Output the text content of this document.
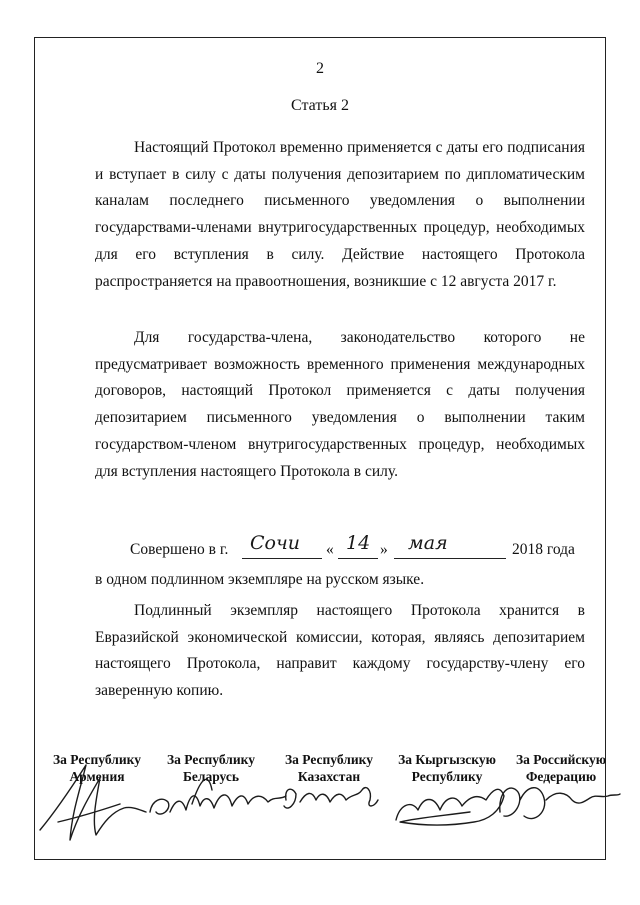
2
Статья 2

Настоящий Протокол временно применяется с даты его подписания и вступает в силу с даты получения депозитарием по дипломатическим каналам последнего письменного уведомления о выполнении государствами-членами внутригосударственных процедур, необходимых для его вступления в силу. Действие настоящего Протокола распространяется на правоотношения, возникшие с 12 августа 2017 г.

Для государства-члена, законодательство которого не предусматривает возможность временного применения международных договоров, настоящий Протокол применяется с даты получения депозитарием письменного уведомления о выполнении таким государством-членом внутригосударственных процедур, необходимых для вступления настоящего Протокола в силу.

Совершено в г. Сочи « 14 » мая	2018 года

в одном подлинном экземпляре на русском языке.

Подлинный экземпляр настоящего Протокола хранится в Евразийской экономической комиссии, которая, являясь депозитарием настоящего Протокола, направит каждому государству-члену его заверенную копию.

За Республику
Армения
За Республику
Беларусь
За Республику
Казахстан
За Кыргызскую
Республику
За Российскую
Федерацию
